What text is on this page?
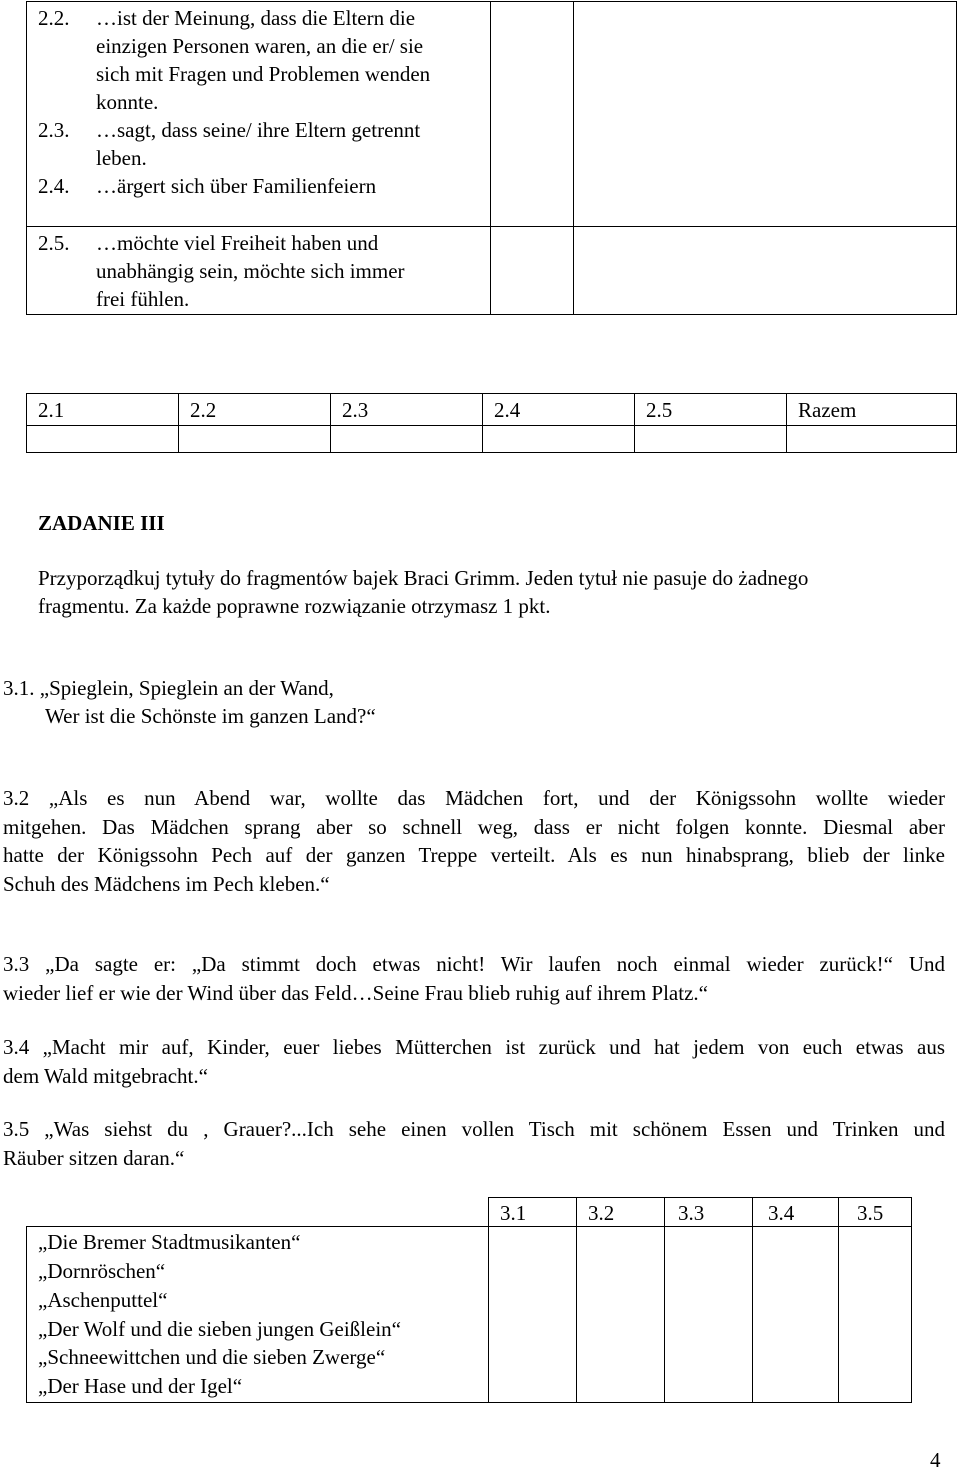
2.2. …ist der Meinung, dass die Eltern die
einzigen Personen waren, an die er/ sie
sich mit Fragen und Problemen wenden
konnte.
2.3. …sagt, dass seine/ ihre Eltern getrennt
leben.
2.4. …ärgert sich über Familienfeiern
2.5. …möchte viel Freiheit haben und
unabhängig sein, möchte sich immer
frei fühlen.
2.1	2.2	2.3	2.4	2.5	Razem
ZADANIE III
Przyporządkuj tytuły do fragmentów bajek Braci Grimm. Jeden tytuł nie pasuje do żadnego
fragmentu. Za każde poprawne rozwiązanie otrzymasz 1 pkt.
3.1. „Spieglein, Spieglein an der Wand,
Wer ist die Schönste im ganzen Land?“
3.2 „Als es nun Abend war, wollte das Mädchen fort, und der Königssohn wollte wieder
mitgehen. Das Mädchen sprang aber so schnell weg, dass er nicht folgen konnte. Diesmal aber
hatte der Königssohn Pech auf der ganzen Treppe verteilt. Als es nun hinabsprang, blieb der linke
Schuh des Mädchens im Pech kleben.“
3.3 „Da sagte er: „Da stimmt doch etwas nicht! Wir laufen noch einmal wieder zurück!“ Und
wieder lief er wie der Wind über das Feld…Seine Frau blieb ruhig auf ihrem Platz.“
3.4 „Macht mir auf, Kinder, euer liebes Mütterchen ist zurück und hat jedem von euch etwas aus
dem Wald mitgebracht.“
3.5 „Was siehst du , Grauer?...Ich sehe einen vollen Tisch mit schönem Essen und Trinken und
Räuber sitzen daran.“
„Die Bremer Stadtmusikanten“
„Dornröschen“
„Aschenputtel“
„Der Wolf und die sieben jungen Geißlein“
„Schneewittchen und die sieben Zwerge“
„Der Hase und der Igel“
3.1	3.2	3.3	3.4	3.5
4
